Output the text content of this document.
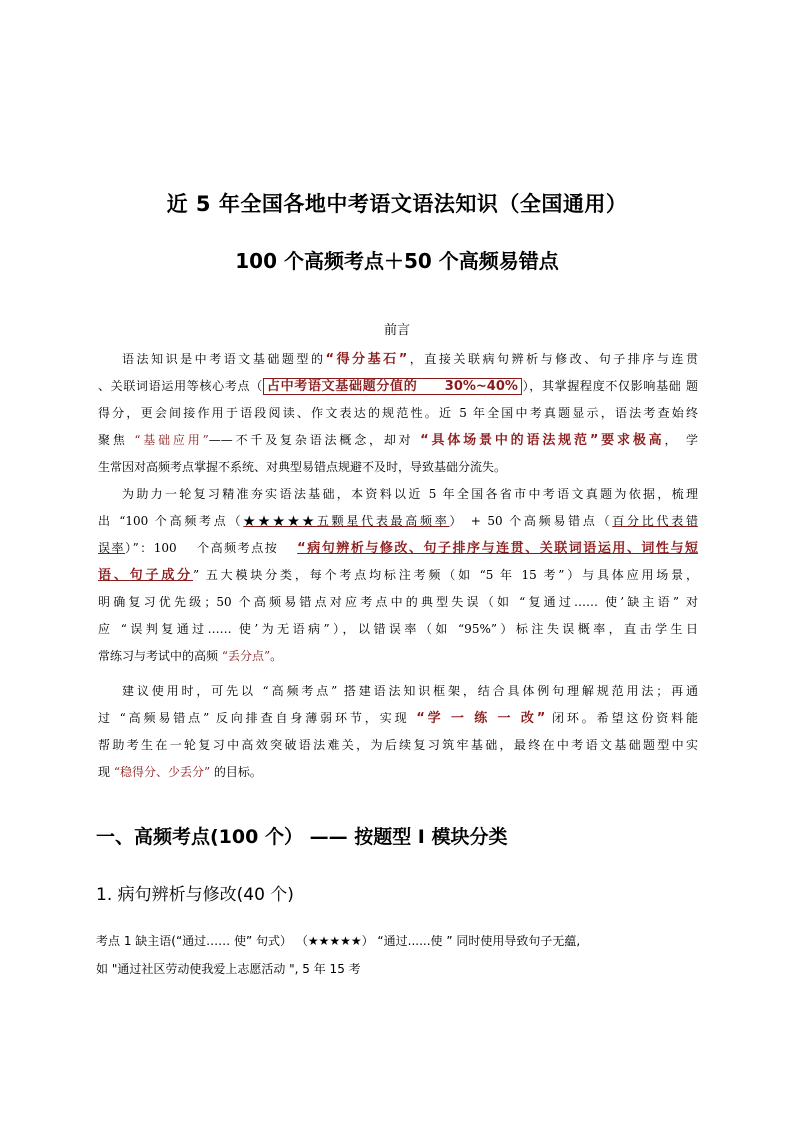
近 5 年全国各地中考语文语法知识（全国通用）
100 个高频考点＋50 个高频易错点
前言
语法知识是中考语文基础题型的“得分基石”，直接关联病句辨析与修改、句子排序与连贯
、关联词语运用等核心考点（ 占中考语文基础题分值的　　30%~40% ），其掌握程度不仅影响基础 题
得分，更会间接作用于语段阅读、作文表达的规范性。近 5 年全国中考真题显示，语法考查始终
聚焦 “基础应用”——不千及复杂语法概念，却对 “具体场景中的语法规范”要求极高， 学
生常因对高频考点掌握不系统、对典型易错点规避不及时，导致基础分流失。
为助力一轮复习精准夯实语法基础，本资料以近 5 年全国各省市中考语文真题为依据，梳理
出 “100 个高频考点（★★★★★五颗星代表最高频率） + 50 个高频易错点（百分比代表错
误率）”：100　 个高频考点按　 “病句辨析与修改、句子排序与连贯、关联词语运用、词性与短
语、句子成分” 五大模块分类，每个考点均标注考频（如 “5 年 15 考”）与具体应用场景，
明确复习优先级；50 个高频易错点对应考点中的典型失误（如 “复通过…… 使’缺主语” 对
应 “误判复通过…… 使’为无语病”），以错误率（如 “95%”）标注失误概率，直击学生日
常练习与考试中的高频 “丢分点”。
建议使用时，可先以 “高频考点” 搭建语法知识框架，结合具体例句理解规范用法；再通
过 “高频易错点” 反向排查自身薄弱环节，实现 “学 一 练 一 改” 闭环。希望这份资料能
帮助考生在一轮复习中高效突破语法难关，为后续复习筑牢基础，最终在中考语文基础题型中实
现 “稳得分、少丢分” 的目标。
一、高频考点(100 个） —— 按题型 I 模块分类
1. 病句辨析与修改(40 个)
考点 1 缺主语(“通过…… 使” 句式） （★★★★★） “通过......使 ” 同时使用导致句子无藴,
如 "通过社区劳动使我爱上志愿活动 ", 5 年 15 考
